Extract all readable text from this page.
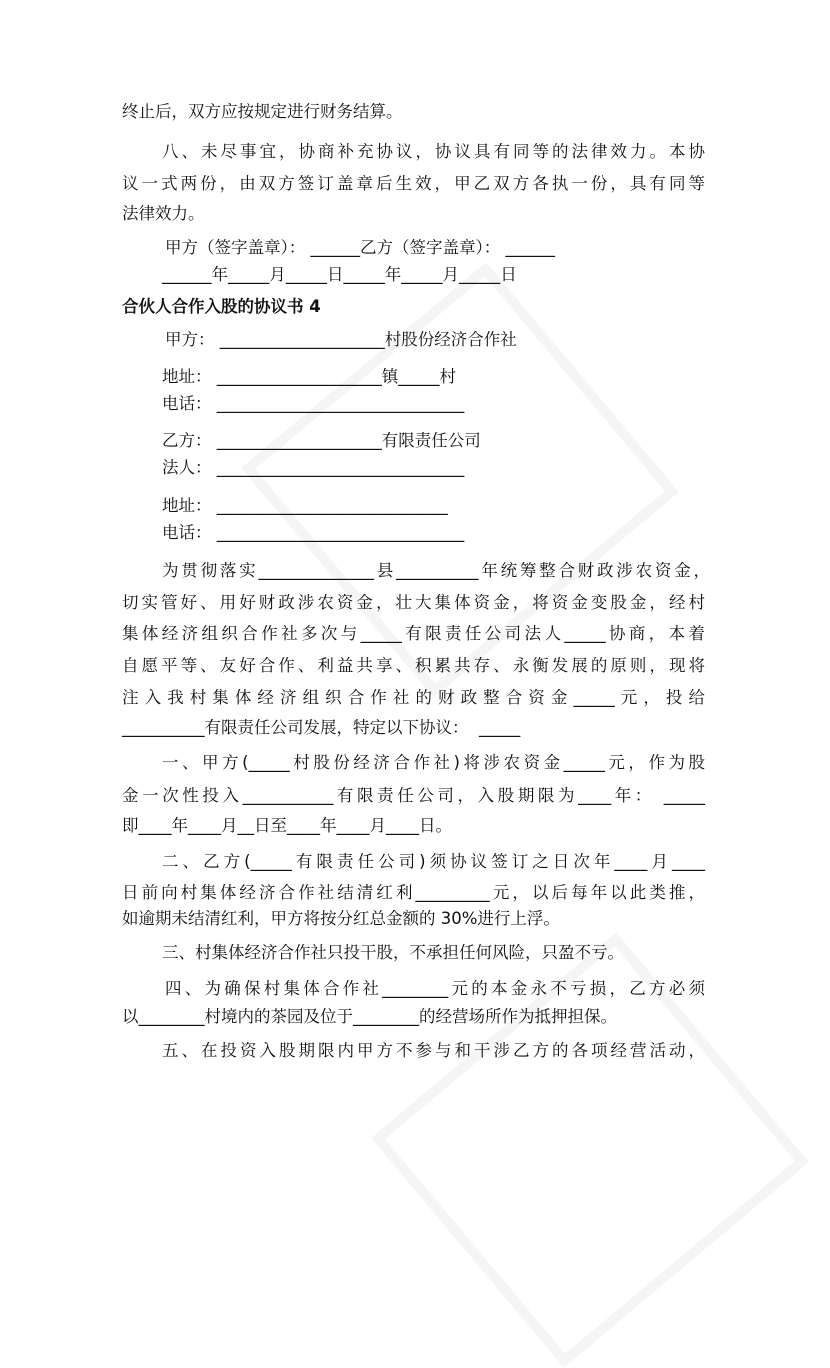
终止后，双方应按规定进行财务结算。
八、未尽事宜，协商补充协议，协议具有同等的法律效力。本协
议一式两份，由双方签订盖章后生效，甲乙双方各执一份，具有同等
法律效力。
甲方（签字盖章）： ______乙方（签字盖章）： ______
______年_____月_____日_____年_____月_____日
合伙人合作入股的协议书 4
甲方： ____________________村股份经济合作社
地址： ____________________镇_____村
电话： ______________________________
乙方： ____________________有限责任公司
法人： ______________________________
地址： ____________________________
电话： ______________________________
为贯彻落实______________县__________年统筹整合财政涉农资金，
切实管好、用好财政涉农资金，壮大集体资金，将资金变股金，经村
集体经济组织合作社多次与_____有限责任公司法人_____协商，本着
自愿平等、友好合作、利益共享、积累共存、永衡发展的原则，现将
注入我村集体经济组织合作社的财政整合资金_____元，投给
__________有限责任公司发展，特定以下协议：  _____
一、甲方(_____村股份经济合作社)将涉农资金_____元，作为股
金一次性投入___________有限责任公司，入股期限为____年： _____
即____年____月__日至____年____月____日。
二、乙方(_____有限责任公司)须协议签订之日次年____月____
日前向村集体经济合作社结清红利_________元，以后每年以此类推，
如逾期未结清红利，甲方将按分红总金额的 30%进行上浮。
三、村集体经济合作社只投干股，不承担任何风险，只盈不亏。
四、为确保村集体合作社________元的本金永不亏损，乙方必须
以________村境内的茶园及位于________的经营场所作为抵押担保。
五、在投资入股期限内甲方不参与和干涉乙方的各项经营活动，
